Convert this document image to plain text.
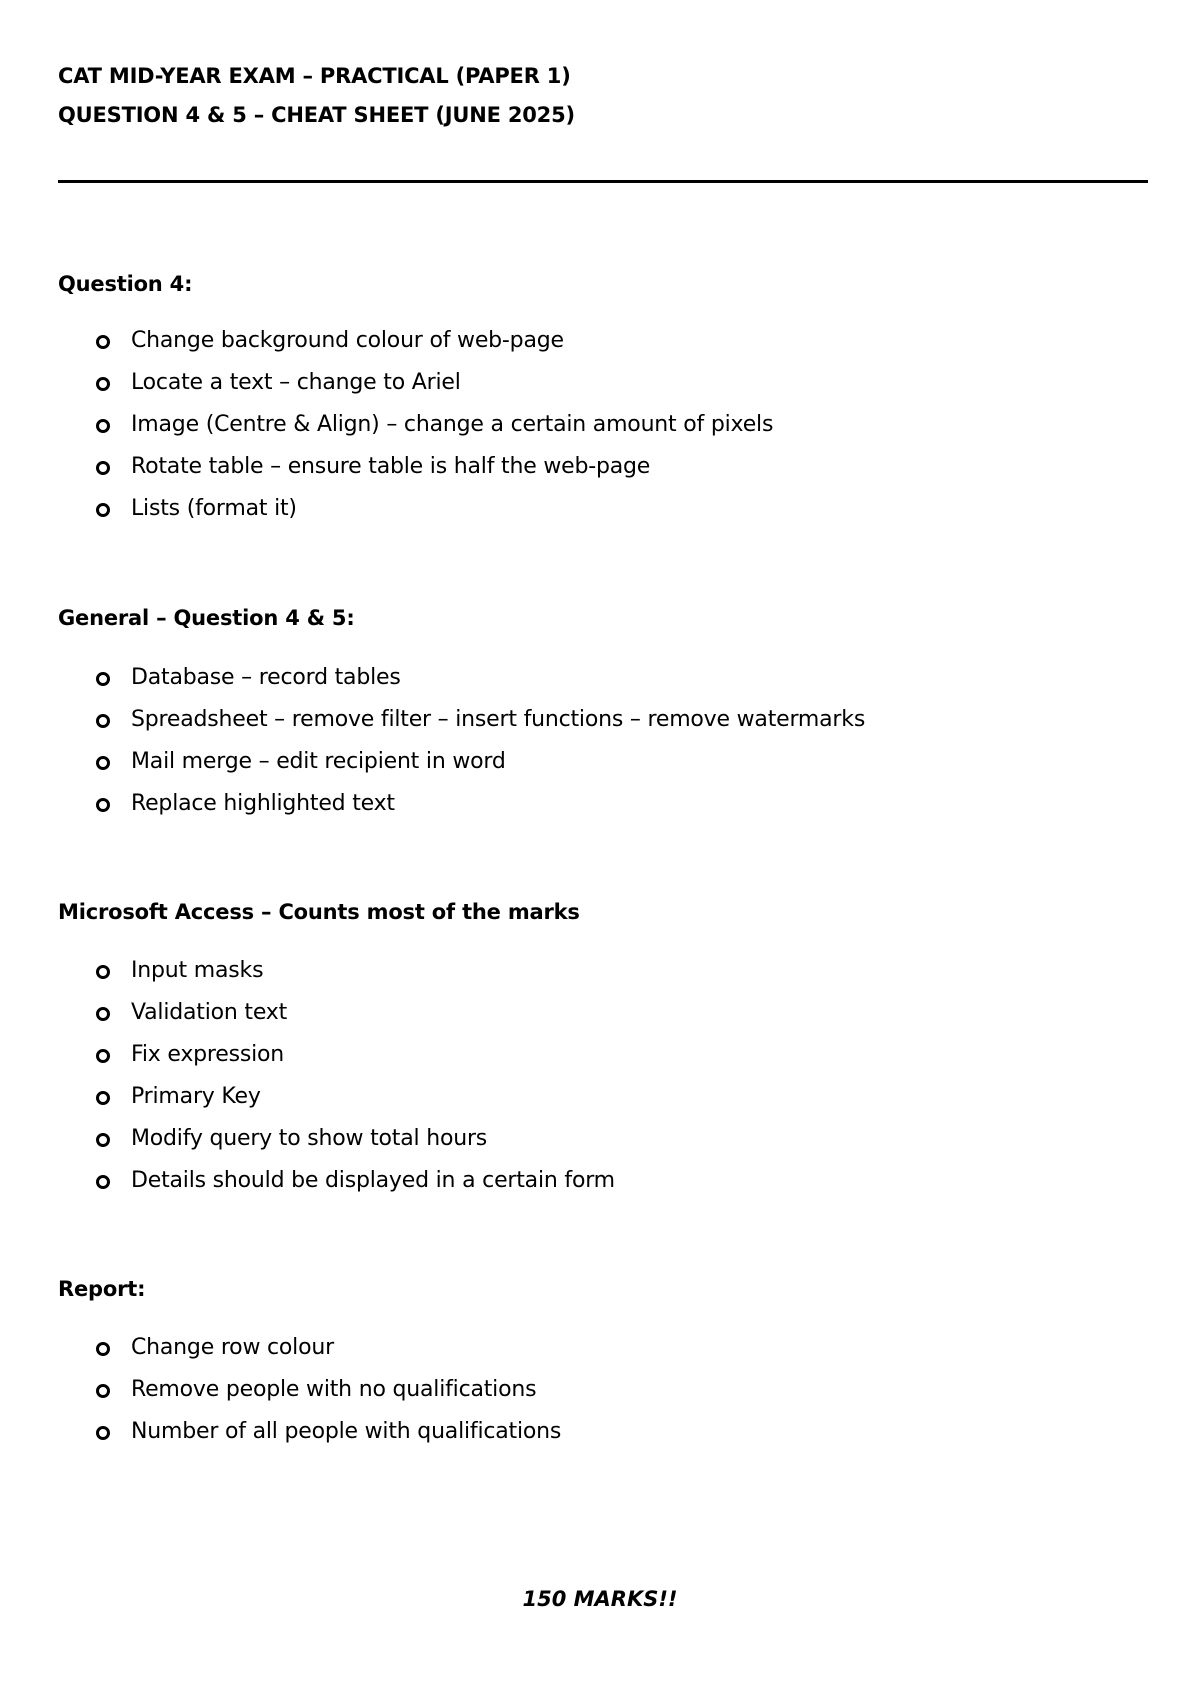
CAT MID-YEAR EXAM – PRACTICAL (PAPER 1)
QUESTION 4 & 5 – CHEAT SHEET (JUNE 2025)
Question 4:
Change background colour of web-page
Locate a text – change to Ariel
Image (Centre & Align) – change a certain amount of pixels
Rotate table – ensure table is half the web-page
Lists (format it)
General – Question 4 & 5:
Database – record tables
Spreadsheet – remove filter – insert functions – remove watermarks
Mail merge – edit recipient in word
Replace highlighted text
Microsoft Access – Counts most of the marks
Input masks
Validation text
Fix expression
Primary Key
Modify query to show total hours
Details should be displayed in a certain form
Report:
Change row colour
Remove people with no qualifications
Number of all people with qualifications
150 MARKS!!
